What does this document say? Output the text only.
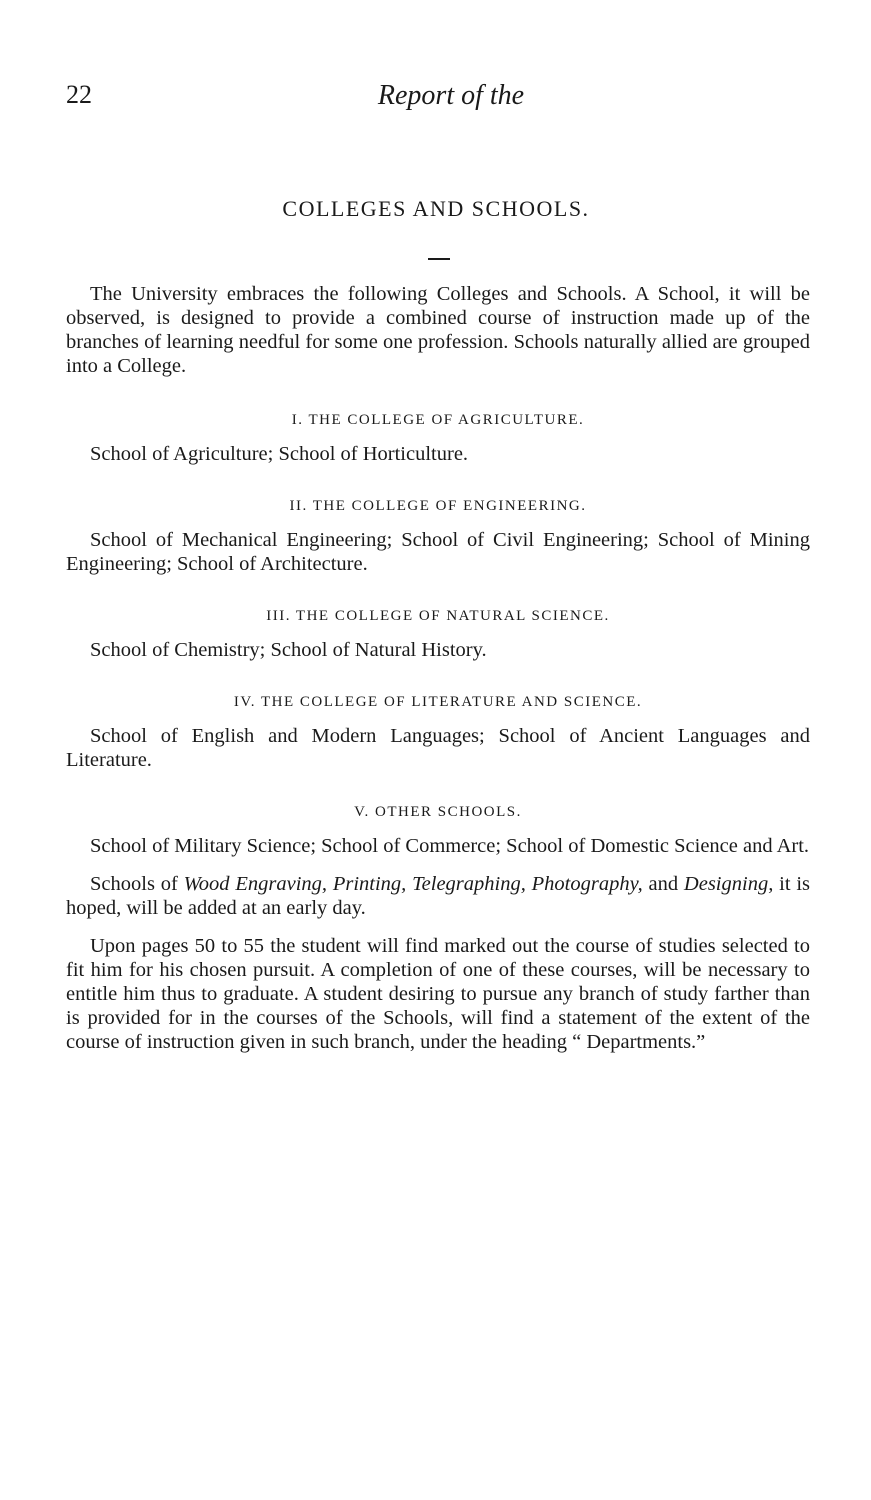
22	Report of the
COLLEGES AND SCHOOLS.

The University embraces the following Colleges and Schools. A School, it will be observed, is designed to provide a combined course of instruction made up of the branches of learning needful for some one profession. Schools naturally allied are grouped into a College.

I. THE COLLEGE OF AGRICULTURE.

School of Agriculture; School of Horticulture.

II. THE COLLEGE OF ENGINEERING.

School of Mechanical Engineering; School of Civil Engineering; School of Mining Engineering; School of Architecture.

III. THE COLLEGE OF NATURAL SCIENCE.

School of Chemistry; School of Natural History.

IV. THE COLLEGE OF LITERATURE AND SCIENCE.

School of English and Modern Languages; School of Ancient Languages and Literature.

V. OTHER SCHOOLS.

School of Military Science; School of Commerce; School of Domestic Science and Art.

Schools of Wood Engraving, Printing, Telegraphing, Photography, and Designing, it is hoped, will be added at an early day.

Upon pages 50 to 55 the student will find marked out the course of studies selected to fit him for his chosen pursuit. A completion of one of these courses, will be necessary to entitle him thus to graduate. A student desiring to pursue any branch of study farther than is provided for in the courses of the Schools, will find a statement of the extent of the course of instruction given in such branch, under the heading “ Departments.”
